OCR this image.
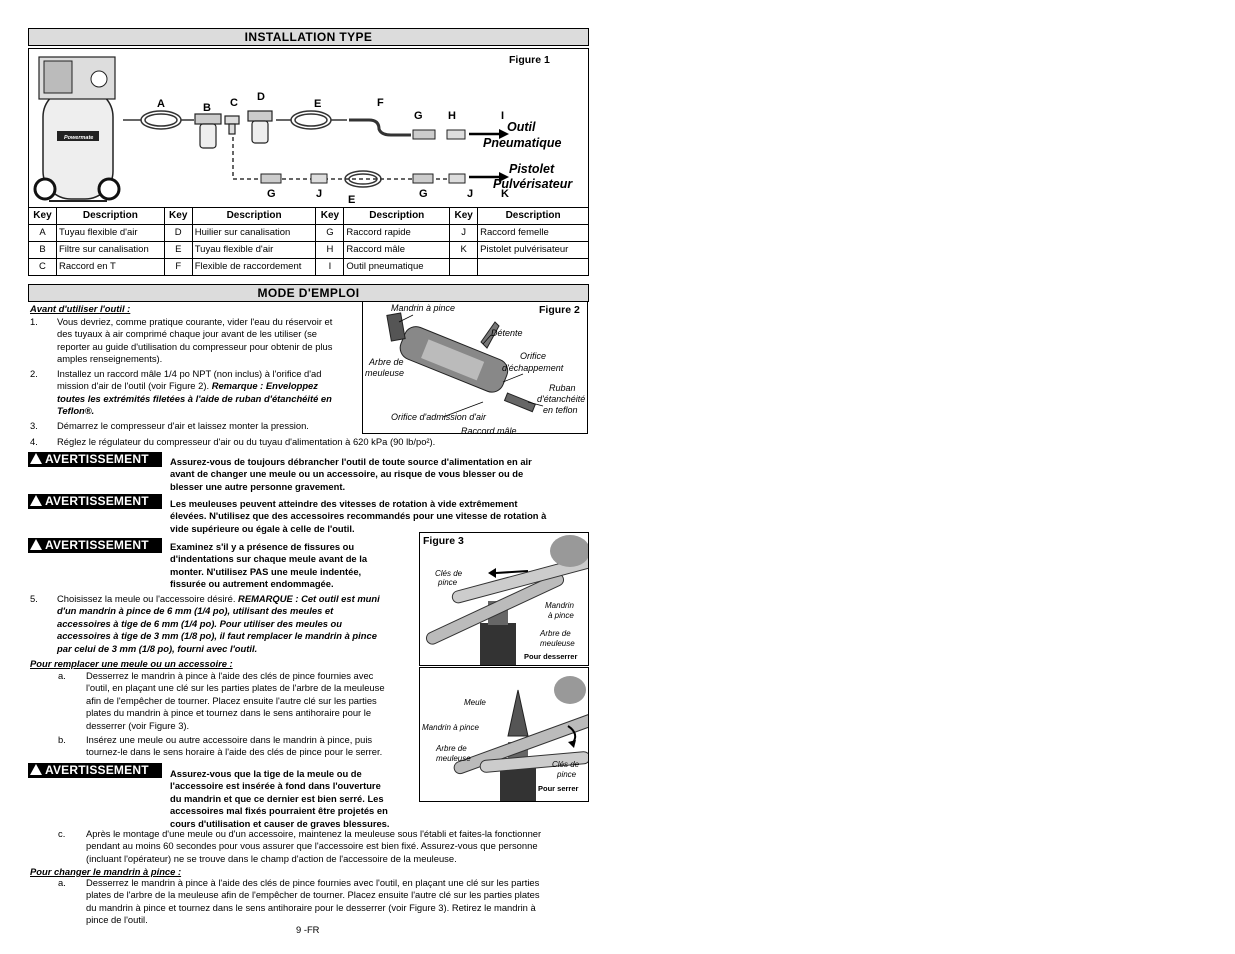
INSTALLATION TYPE
Figure 1
Powermate
A	B C D
E	F
G H	I
G	J E	G	J	K
Outil
Pneumatique
Pistolet
Pulvérisateur
Key	Description	Key	Description	Key	Description	Key	Description
A	Tuyau flexible d'air	D	Huilier sur canalisation	G	Raccord rapide	J	Raccord femelle
B	Filtre sur canalisation	E	Tuyau flexible d'air	H	Raccord mâle	K	Pistolet pulvérisateur
C	Raccord en T	F	Flexible de raccordement	I	Outil pneumatique		
MODE D'EMPLOI
Avant d'utiliser l'outil :
1. Vous devriez, comme pratique courante, vider l'eau du réservoir et
des tuyaux à air comprimé chaque jour avant de les utiliser (se
reporter au guide d'utilisation du compresseur pour obtenir de plus
amples renseignements).
2. Installez un raccord mâle 1/4 po NPT (non inclus) à l'orifice d'ad
mission d'air de l'outil (voir Figure 2). Remarque : Enveloppez
toutes les extrémités filetées à l'aide de ruban d'étanchéité en
Teflon®.
3. Démarrez le compresseur d'air et laissez monter la pression.
4. Réglez le régulateur du compresseur d'air ou du tuyau d'alimentation à 620 kPa (90 lb/po²).
Figure 2
Mandrin à pince
Détente
Arbre de
meuleuse
Orifice
d'échappement
Ruban
d'étanchéité
en teflon
Orifice d'admission d'air
Raccord mâle
AVERTISSEMENT	Assurez-vous de toujours débrancher l'outil de toute source d'alimentation en air
avant de changer une meule ou un accessoire, au risque de vous blesser ou de
blesser une autre personne gravement.
AVERTISSEMENT	Les meuleuses peuvent atteindre des vitesses de rotation à vide extrêmement
élevées. N'utilisez que des accessoires recommandés pour une vitesse de rotation à
vide supérieure ou égale à celle de l'outil.
AVERTISSEMENT	Examinez s'il y a présence de fissures ou
d'indentations sur chaque meule avant de la
monter. N'utilisez PAS une meule indentée,
fissurée ou autrement endommagée.
5. Choisissez la meule ou l'accessoire désiré. REMARQUE : Cet outil est muni
d'un mandrin à pince de 6 mm (1/4 po), utilisant des meules et
accessoires à tige de 6 mm (1/4 po). Pour utiliser des meules ou
accessoires à tige de 3 mm (1/8 po), il faut remplacer le mandrin à pince
par celui de 3 mm (1/8 po), fourni avec l'outil.
Pour remplacer une meule ou un accessoire :
a. Desserrez le mandrin à pince à l'aide des clés de pince fournies avec
l'outil, en plaçant une clé sur les parties plates de l'arbre de la meuleuse
afin de l'empêcher de tourner. Placez ensuite l'autre clé sur les parties
plates du mandrin à pince et tournez dans le sens antihoraire pour le
desserrer (voir Figure 3).
b. Insérez une meule ou autre accessoire dans le mandrin à pince, puis
tournez-le dans le sens horaire à l'aide des clés de pince pour le serrer.
AVERTISSEMENT	Assurez-vous que la tige de la meule ou de
l'accessoire est insérée à fond dans l'ouverture
du mandrin et que ce dernier est bien serré. Les
accessoires mal fixés pourraient être projetés en
cours d'utilisation et causer de graves blessures.
Figure 3
Clés de
pince
Mandrin
à pince
Arbre de
meuleuse
Pour desserrer
Meule
Mandrin à pince
Arbre de
meuleuse
Clés de
pince
Pour serrer
c. Après le montage d'une meule ou d'un accessoire, maintenez la meuleuse sous l'établi et faites-la fonctionner
pendant au moins 60 secondes pour vous assurer que l'accessoire est bien fixé. Assurez-vous que personne
(incluant l'opérateur) ne se trouve dans le champ d'action de l'accessoire de la meuleuse.
Pour changer le mandrin à pince :
a. Desserrez le mandrin à pince à l'aide des clés de pince fournies avec l'outil, en plaçant une clé sur les parties
plates de l'arbre de la meuleuse afin de l'empêcher de tourner. Placez ensuite l'autre clé sur les parties plates
du mandrin à pince et tournez dans le sens antihoraire pour le desserrer (voir Figure 3). Retirez le mandrin à
pince de l'outil.
9 -FR
